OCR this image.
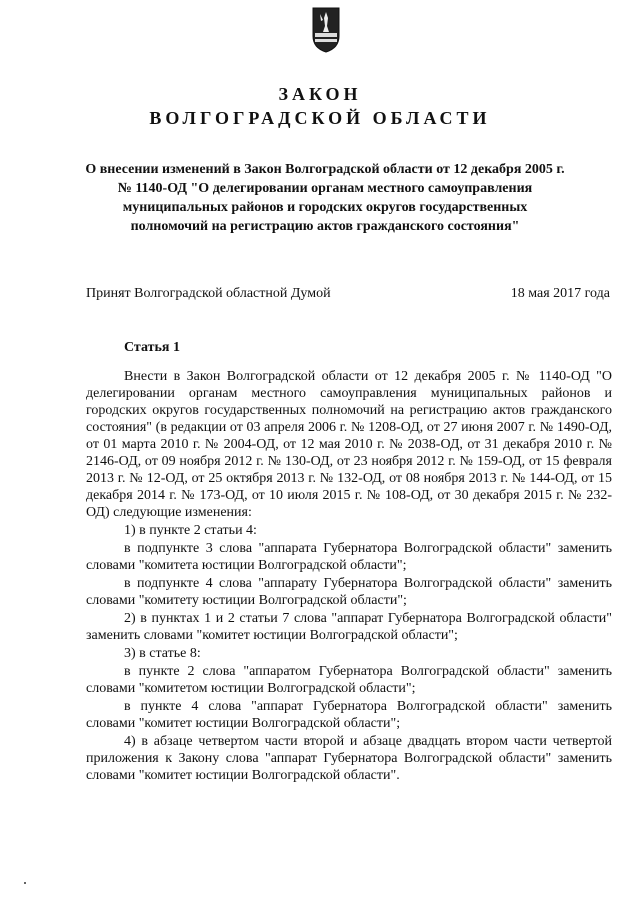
ЗАКОН
ВОЛГОГРАДСКОЙ ОБЛАСТИ
О внесении изменений в Закон Волгоградской области от 12 декабря 2005 г.
№ 1140-ОД "О делегировании органам местного самоуправления
муниципальных районов и городских округов государственных
полномочий на регистрацию актов гражданского состояния"
Принят Волгоградской областной Думой	18 мая 2017 года
Статья 1

Внести в Закон Волгоградской области от 12 декабря 2005 г. № 1140-ОД "О делегировании органам местного самоуправления муниципальных районов и городских округов государственных полномочий на регистрацию актов гражданского состояния" (в редакции от 03 апреля 2006 г. № 1208-ОД, от 27 июня 2007 г. № 1490-ОД, от 01 марта 2010 г. № 2004-ОД, от 12 мая 2010 г. № 2038-ОД, от 31 декабря 2010 г. № 2146-ОД, от 09 ноября 2012 г. № 130-ОД, от 23 ноября 2012 г. № 159-ОД, от 15 февраля 2013 г. № 12-ОД, от 25 октября 2013 г. № 132-ОД, от 08 ноября 2013 г. № 144-ОД, от 15 декабря 2014 г. № 173-ОД, от 10 июля 2015 г. № 108-ОД, от 30 декабря 2015 г. № 232-ОД) следующие изменения:

1) в пункте 2 статьи 4:

в подпункте 3 слова "аппарата Губернатора Волгоградской области" заменить словами "комитета юстиции Волгоградской области";

в подпункте 4 слова "аппарату Губернатора Волгоградской области" заменить словами "комитету юстиции Волгоградской области";

2) в пунктах 1 и 2 статьи 7 слова "аппарат Губернатора Волгоградской области" заменить словами "комитет юстиции Волгоградской области";

3) в статье 8:

в пункте 2 слова "аппаратом Губернатора Волгоградской области" заменить словами "комитетом юстиции Волгоградской области";

в пункте 4 слова "аппарат Губернатора Волгоградской области" заменить словами "комитет юстиции Волгоградской области";

4) в абзаце четвертом части второй и абзаце двадцать втором части четвертой приложения к Закону слова "аппарат Губернатора Волгоградской области" заменить словами "комитет юстиции Волгоградской области".
